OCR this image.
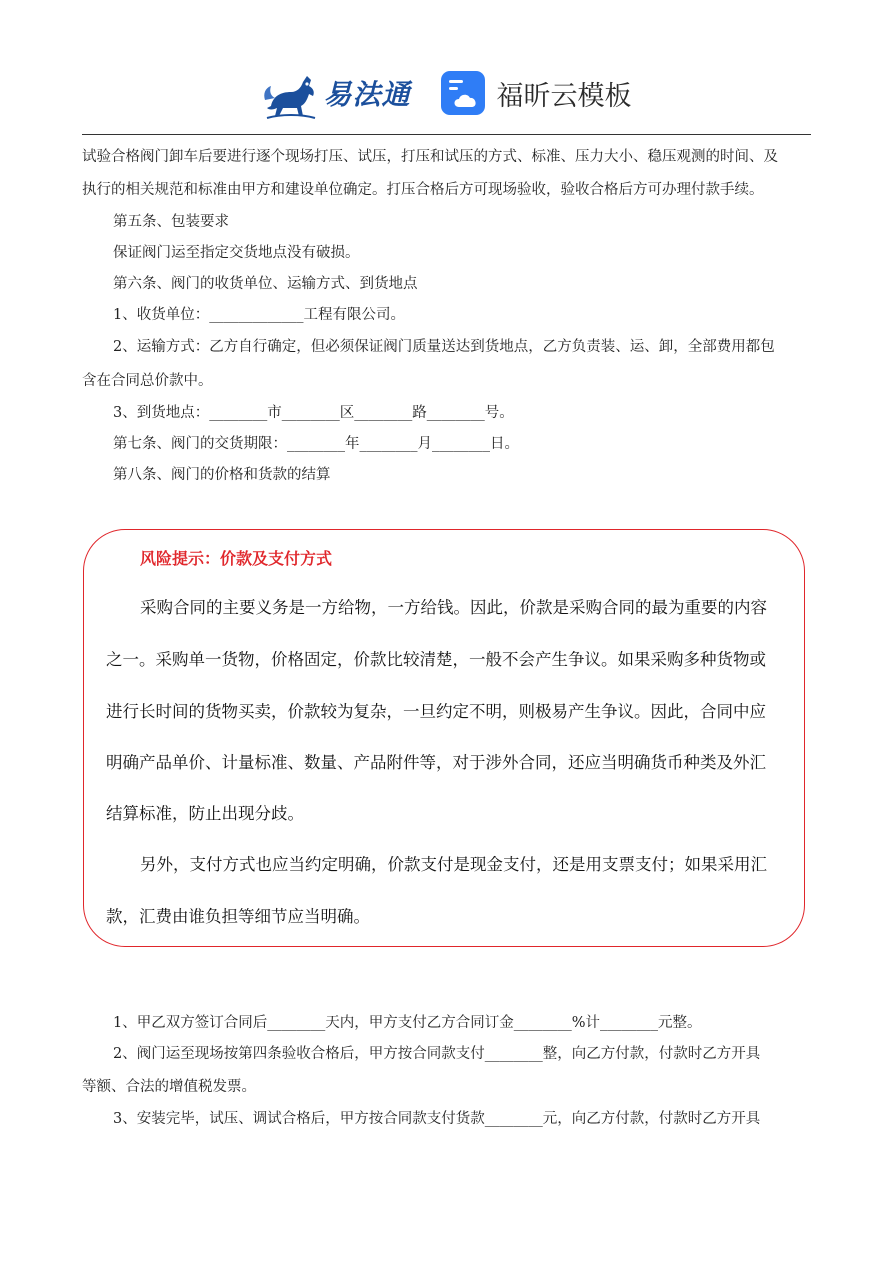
易法通	福昕云模板
试验合格阀门卸车后要进行逐个现场打压、试压，打压和试压的方式、标准、压力大小、稳压观测的时间、及
执行的相关规范和标准由甲方和建设单位确定。打压合格后方可现场验收，验收合格后方可办理付款手续。
第五条、包装要求
保证阀门运至指定交货地点没有破损。
第六条、阀门的收货单位、运输方式、到货地点
1、收货单位：_____________工程有限公司。
2、运输方式：乙方自行确定，但必须保证阀门质量送达到货地点，乙方负责装、运、卸，全部费用都包
含在合同总价款中。
3、到货地点：________市________区________路________号。
第七条、阀门的交货期限：________年________月________日。
第八条、阀门的价格和货款的结算
风险提示：价款及支付方式
采购合同的主要义务是一方给物，一方给钱。因此，价款是采购合同的最为重要的内容
之一。采购单一货物，价格固定，价款比较清楚，一般不会产生争议。如果采购多种货物或
进行长时间的货物买卖，价款较为复杂，一旦约定不明，则极易产生争议。因此，合同中应
明确产品单价、计量标准、数量、产品附件等，对于涉外合同，还应当明确货币种类及外汇
结算标准，防止出现分歧。
另外，支付方式也应当约定明确，价款支付是现金支付，还是用支票支付；如果采用汇
款，汇费由谁负担等细节应当明确。
1、甲乙双方签订合同后________天内，甲方支付乙方合同订金________%计________元整。
2、阀门运至现场按第四条验收合格后，甲方按合同款支付________整，向乙方付款，付款时乙方开具
等额、合法的增值税发票。
3、安装完毕，试压、调试合格后，甲方按合同款支付货款________元，向乙方付款，付款时乙方开具
